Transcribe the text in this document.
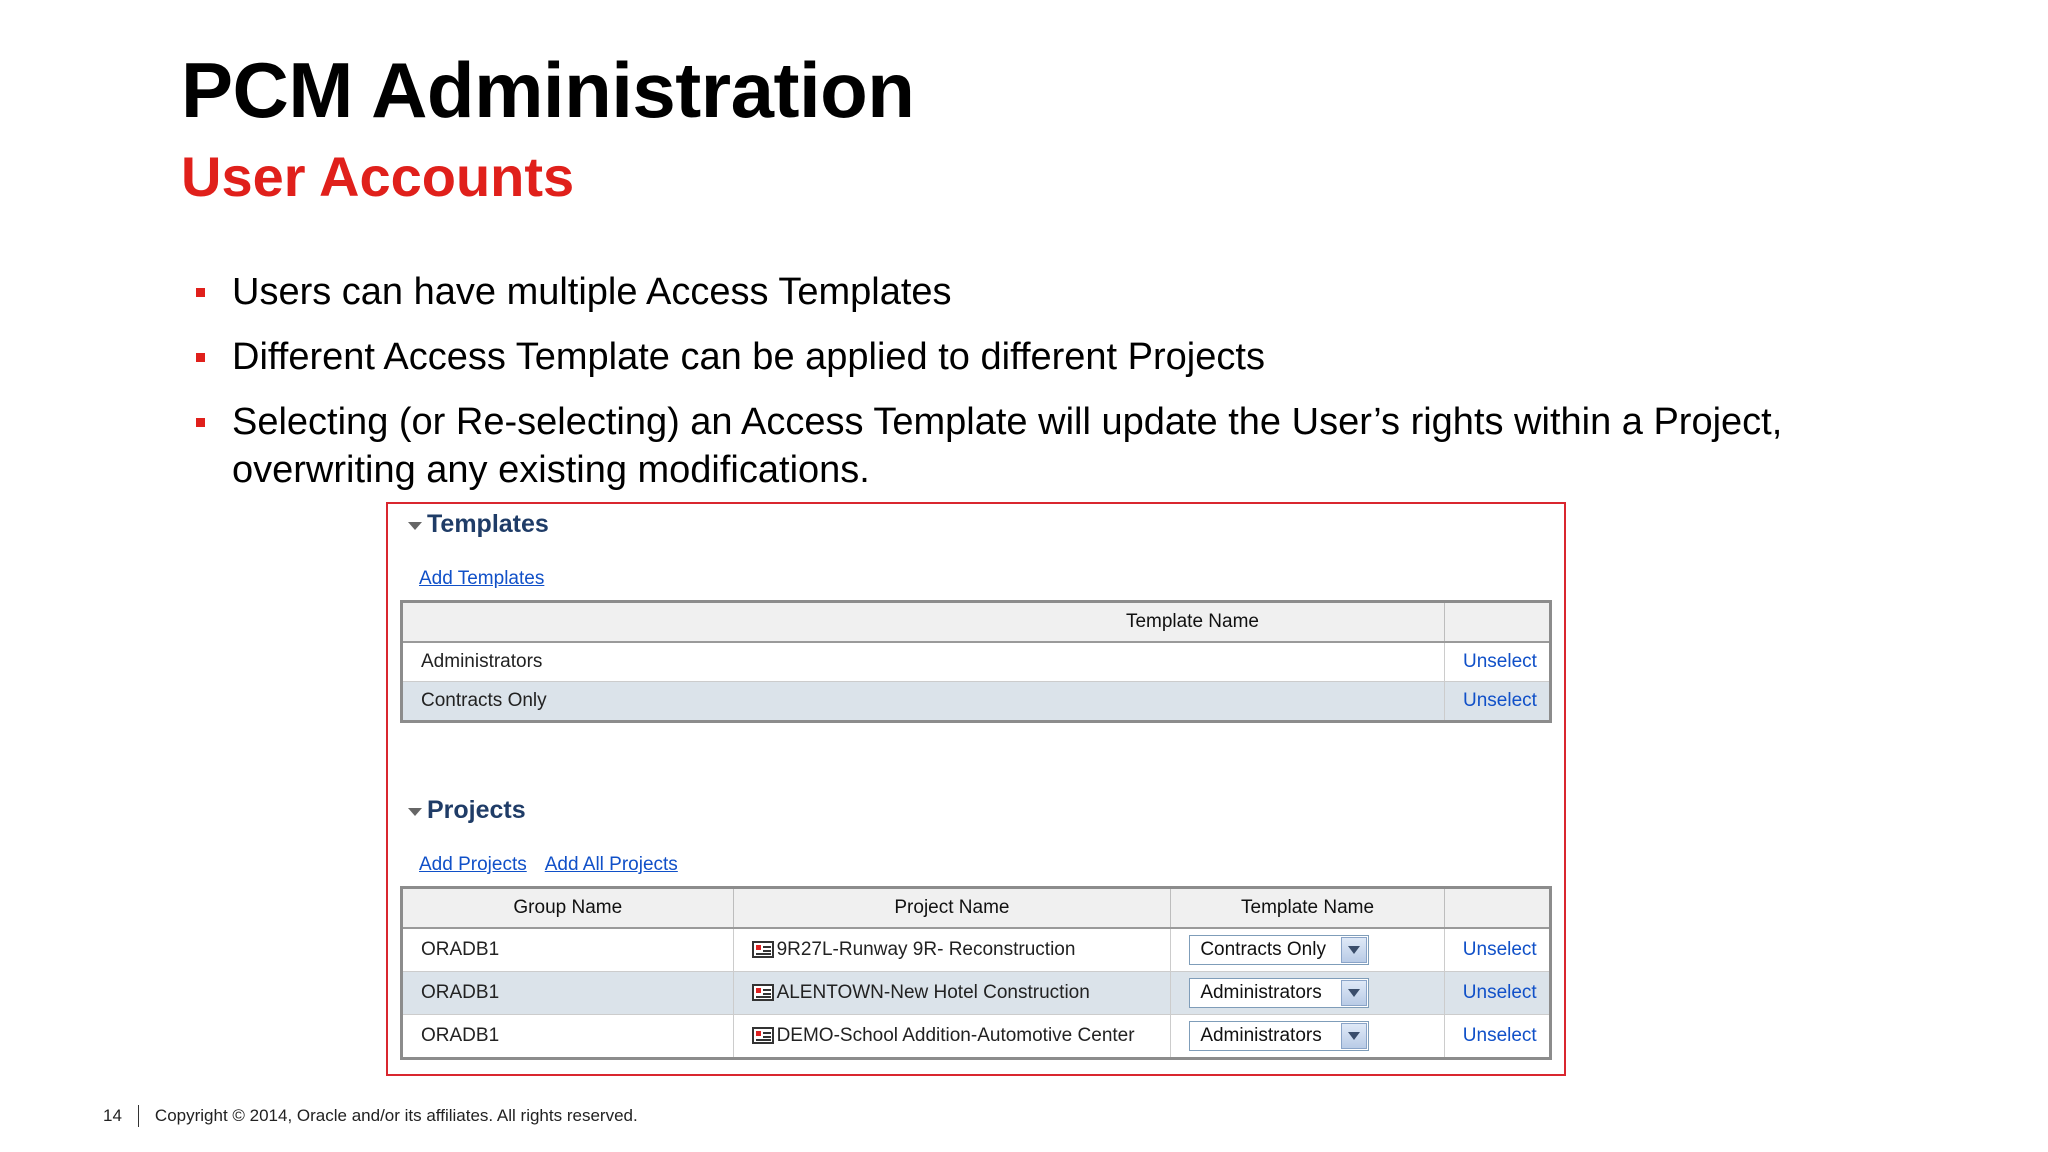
PCM Administration
User Accounts
Users can have multiple Access Templates
Different Access Template can be applied to different Projects
Selecting (or Re-selecting) an Access Template will update the User’s rights within a Project, overwriting any existing modifications.
Templates
Add Templates
Template Name	
Administrators	Unselect
Contracts Only	Unselect
Projects
Add Projects Add All Projects
Group Name	Project Name	Template Name	
ORADB1	9R27L-Runway 9R- Reconstruction	Contracts Only	Unselect
ORADB1	ALENTOWN-New Hotel Construction	Administrators	Unselect
ORADB1	DEMO-School Addition-Automotive Center	Administrators	Unselect
14 Copyright © 2014, Oracle and/or its affiliates. All rights reserved.
